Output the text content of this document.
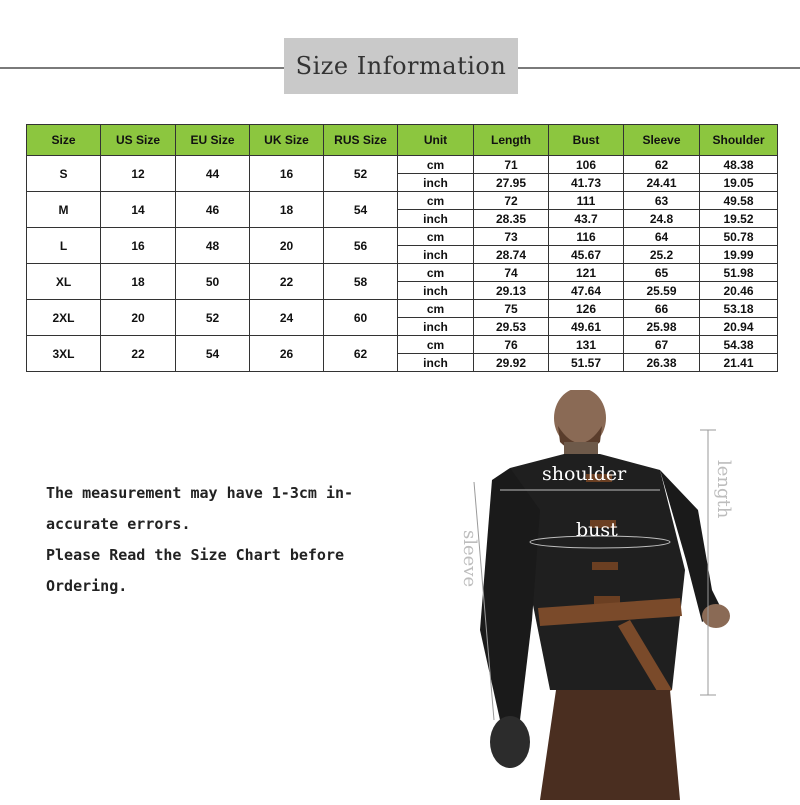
Size Information
Size	US Size	EU Size	UK Size	RUS Size	Unit	Length	Bust	Sleeve	Shoulder
S	12	44	16	52	cm	71	106	62	48.38
					inch	27.95	41.73	24.41	19.05
M	14	46	18	54	cm	72	111	63	49.58
					inch	28.35	43.7	24.8	19.52
L	16	48	20	56	cm	73	116	64	50.78
					inch	28.74	45.67	25.2	19.99
XL	18	50	22	58	cm	74	121	65	51.98
					inch	29.13	47.64	25.59	20.46
2XL	20	52	24	60	cm	75	126	66	53.18
					inch	29.53	49.61	25.98	20.94
3XL	22	54	26	62	cm	76	131	67	54.38
					inch	29.92	51.57	26.38	21.41
The measurement may have 1-3cm in-
accurate errors.
Please Read the Size Chart before
Ordering.
shoulder
bust
sleeve
length
